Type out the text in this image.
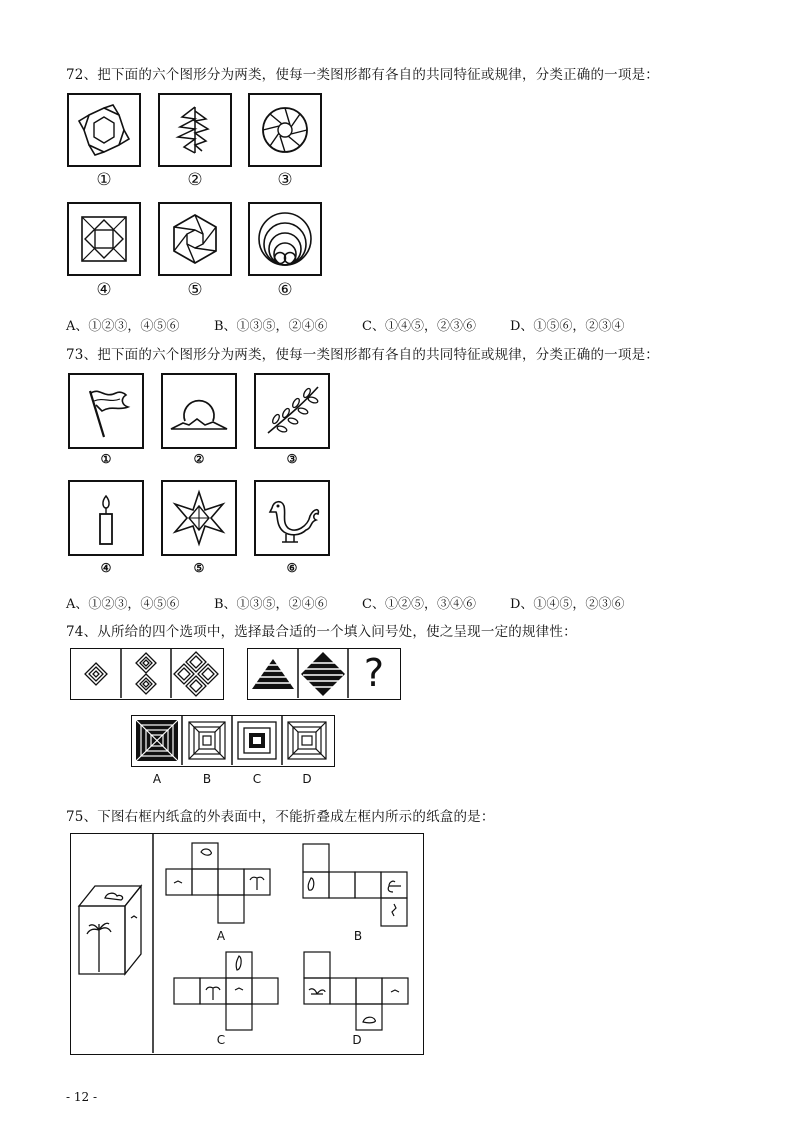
72、把下面的六个图形分为两类，使每一类图形都有各自的共同特征或规律，分类正确的一项是：
①	②	③
④	⑤	⑥
A、①②③，④⑤⑥	B、①③⑤，②④⑥	C、①④⑤，②③⑥	D、①⑤⑥，②③④
73、把下面的六个图形分为两类，使每一类图形都有各自的共同特征或规律，分类正确的一项是：
①	②	③
④	⑤	⑥
A、①②③，④⑤⑥	B、①③⑤，②④⑥	C、①②⑤，③④⑥	D、①④⑤，②③⑥
74、从所给的四个选项中，选择最合适的一个填入问号处，使之呈现一定的规律性：
?
A	B	C	D
75、下图右框内纸盒的外表面中，不能折叠成左框内所示的纸盒的是：
A	B
C	D
- 12 -
